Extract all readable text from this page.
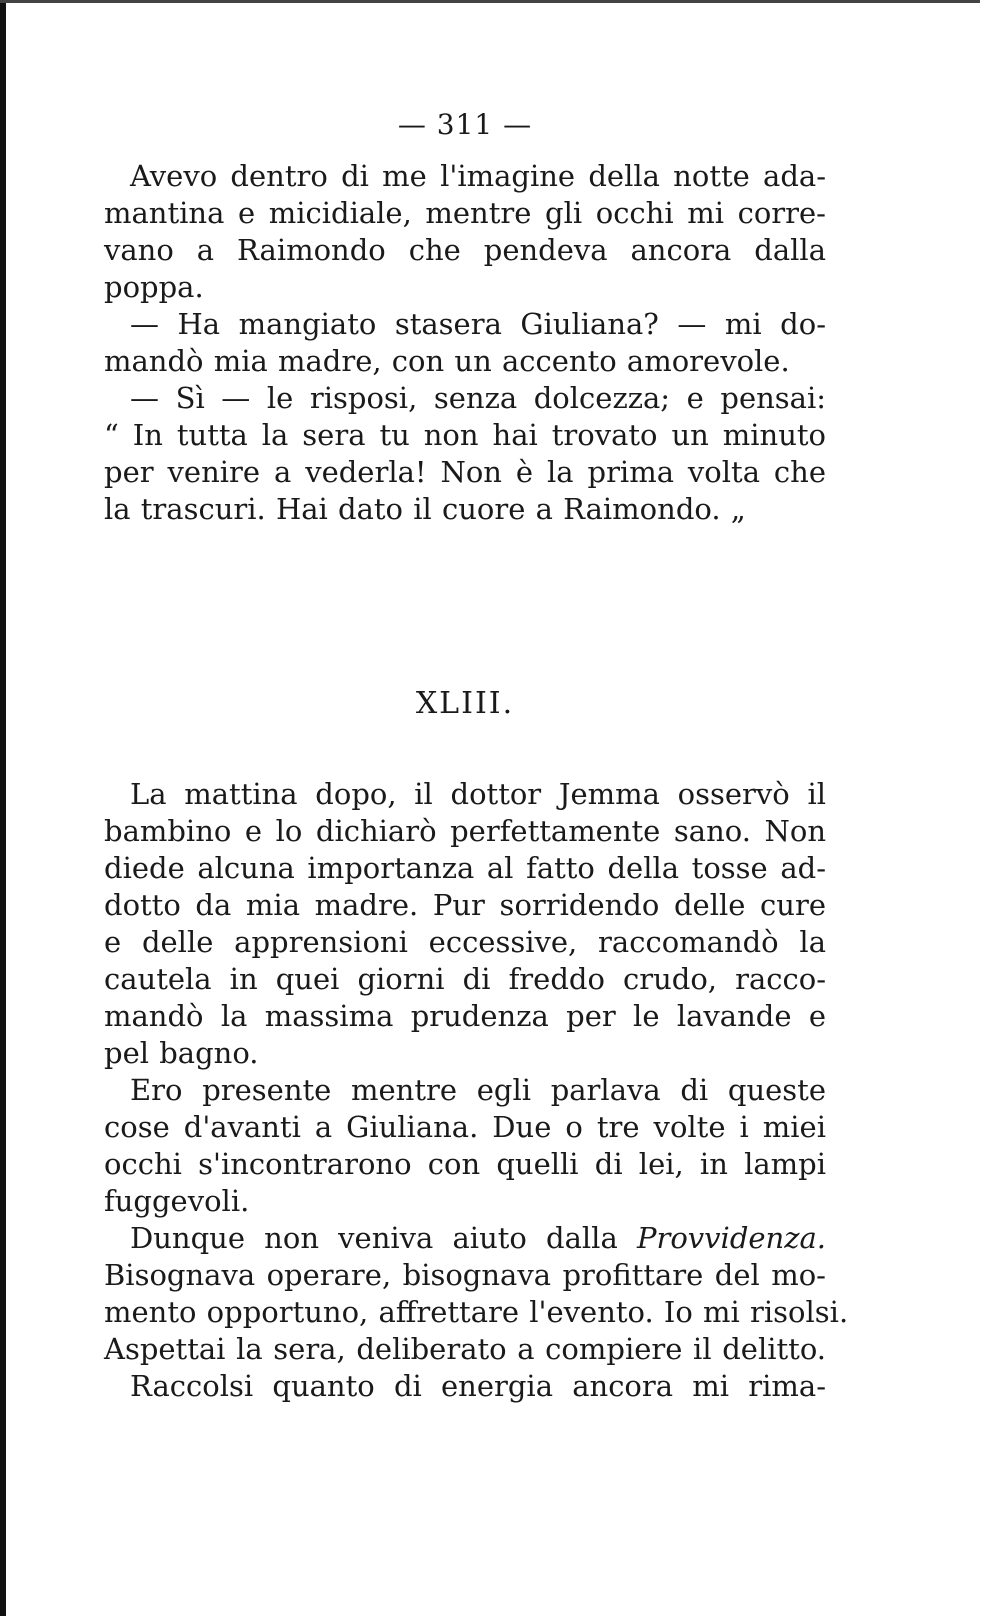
— 311 —
Avevo dentro di me l'imagine della notte ada-
mantina e micidiale, mentre gli occhi mi corre-
vano a Raimondo che pendeva ancora dalla
poppa.
— Ha mangiato stasera Giuliana? — mi do-
mandò mia madre, con un accento amorevole.
— Sì — le risposi, senza dolcezza; e pensai:
“ In tutta la sera tu non hai trovato un minuto
per venire a vederla! Non è la prima volta che
la trascuri. Hai dato il cuore a Raimondo. „
XLIII.
La mattina dopo, il dottor Jemma osservò il
bambino e lo dichiarò perfettamente sano. Non
diede alcuna importanza al fatto della tosse ad-
dotto da mia madre. Pur sorridendo delle cure
e delle apprensioni eccessive, raccomandò la
cautela in quei giorni di freddo crudo, racco-
mandò la massima prudenza per le lavande e
pel bagno.
Ero presente mentre egli parlava di queste
cose d'avanti a Giuliana. Due o tre volte i miei
occhi s'incontrarono con quelli di lei, in lampi
fuggevoli.
Dunque non veniva aiuto dalla Provvidenza.
Bisognava operare, bisognava profittare del mo-
mento opportuno, affrettare l'evento. Io mi risolsi.
Aspettai la sera, deliberato a compiere il delitto.
Raccolsi quanto di energia ancora mi rima-
